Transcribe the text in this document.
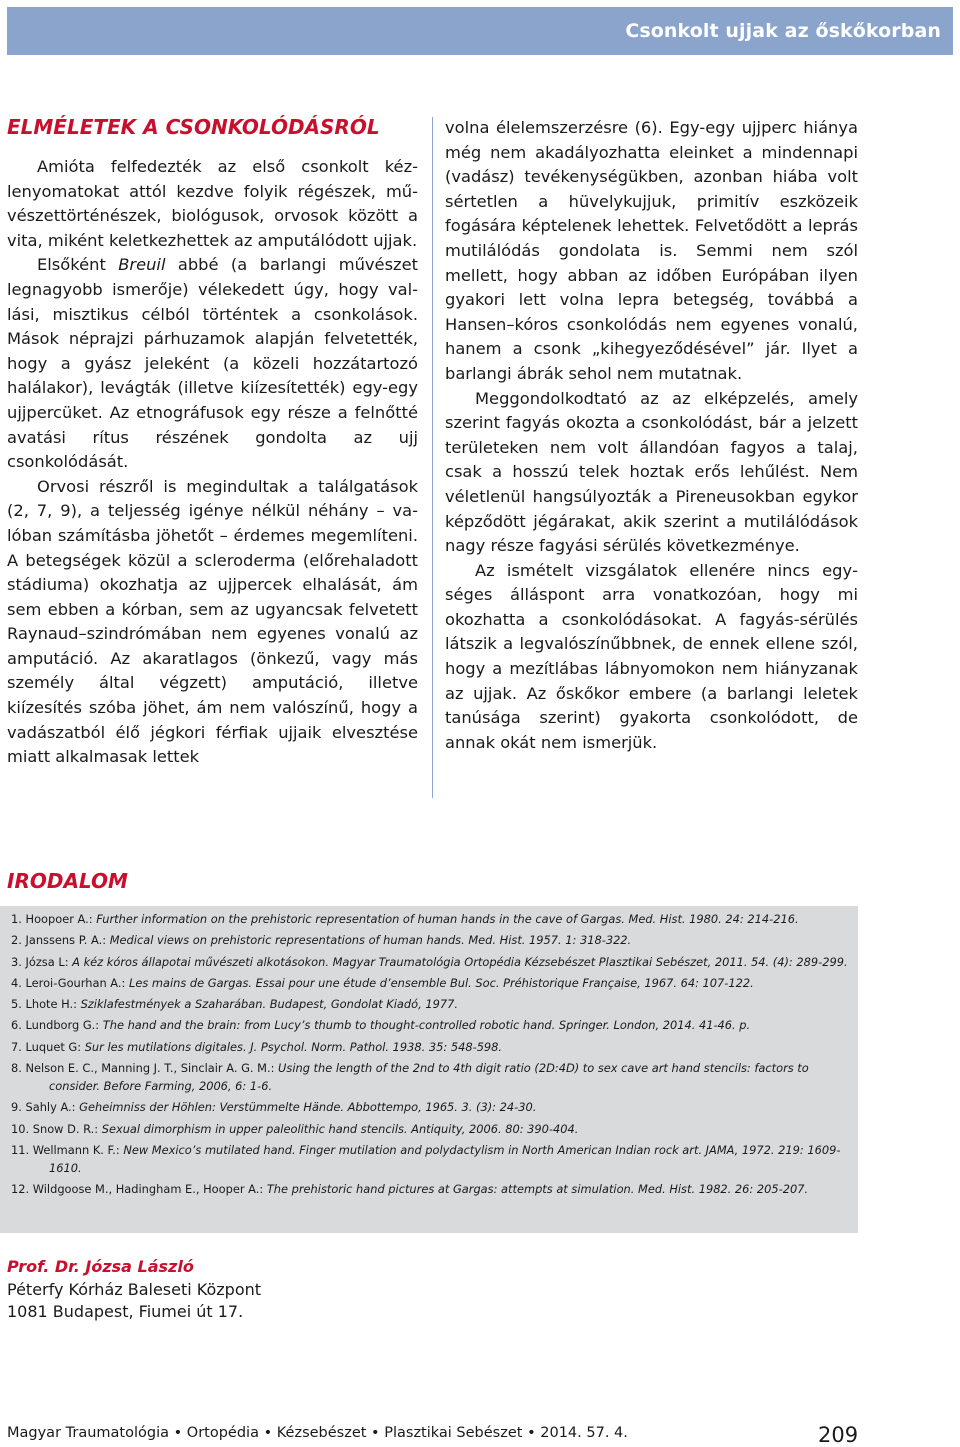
Csonkolt ujjak az őskőkorban
ELMÉLETEK A CSONKOLÓDÁSRÓL

Amióta felfedezték az első csonkolt kézlenyomatokat attól kezdve folyik régészek, művészettörténészek, biológusok, orvosok között a vita, miként keletkezhettek az amputálódott ujjak.

Elsőként Breuil abbé (a barlangi művészet legnagyobb ismerője) vélekedett úgy, hogy vallási, misztikus célból történtek a csonkolások. Mások néprajzi párhuzamok alapján felvetették, hogy a gyász jeleként (a közeli hozzátartozó halálakor), levágták (illetve kiízesítették) egy-egy ujjpercüket. Az etnográfusok egy része a felnőtté avatási rítus részének gondolta az ujj csonkolódását.

Orvosi részről is megindultak a találgatások (2, 7, 9), a teljesség igénye nélkül néhány – valóban számításba jöhetőt – érdemes megemlíteni. A betegségek közül a scleroderma (előrehaladott stádiuma) okozhatja az ujjpercek elhalását, ám sem ebben a kórban, sem az ugyancsak felvetett Raynaud–szindrómában nem egyenes vonalú az amputáció. Az akaratlagos (önkezű, vagy más személy által végzett) amputáció, illetve kiízesítés szóba jöhet, ám nem valószínű, hogy a vadászatból élő jégkori férfiak ujjaik elvesztése miatt alkalmasak lettek

volna élelemszerzésre (6). Egy-egy ujjperc hiánya még nem akadályozhatta eleinket a mindennapi (vadász) tevékenységükben, azonban hiába volt sértetlen a hüvelykujjuk, primitív eszközeik fogására képtelenek lehettek. Felvetődött a leprás mutilálódás gondolata is. Semmi nem szól mellett, hogy abban az időben Európában ilyen gyakori lett volna lepra betegség, továbbá a Hansen–kóros csonkolódás nem egyenes vonalú, hanem a csonk „kihegyeződésével” jár. Ilyet a barlangi ábrák sehol nem mutatnak.

Meggondolkodtató az az elképzelés, amely szerint fagyás okozta a csonkolódást, bár a jelzett területeken nem volt állandóan fagyos a talaj, csak a hosszú telek hoztak erős lehűlést. Nem véletlenül hangsúlyozták a Pireneusokban egykor képződött jégárakat, akik szerint a mutilálódások nagy része fagyási sérülés következménye.

Az ismételt vizsgálatok ellenére nincs egységes álláspont arra vonatkozóan, hogy mi okozhatta a csonkolódásokat. A fagyás-sérülés látszik a legvalószínűbbnek, de ennek ellene szól, hogy a mezítlábas lábnyomokon nem hiányzanak az ujjak. Az őskőkor embere (a barlangi leletek tanúsága szerint) gyakorta csonkolódott, de annak okát nem ismerjük.

IRODALOM
1. Hoopoer A.: Further information on the prehistoric representation of human hands in the cave of Gargas. Med. Hist. 1980. 24: 214-216.
2. Janssens P. A.: Medical views on prehistoric representations of human hands. Med. Hist. 1957. 1: 318-322.
3. Józsa L: A kéz kóros állapotai művészeti alkotásokon. Magyar Traumatológia Ortopédia Kézsebészet Plasztikai Sebészet, 2011. 54. (4): 289-299.
4. Leroi-Gourhan A.: Les mains de Gargas. Essai pour une étude d’ensemble Bul. Soc. Préhistorique Française, 1967. 64: 107-122.
5. Lhote H.: Sziklafestmények a Szaharában. Budapest, Gondolat Kiadó, 1977.
6. Lundborg G.: The hand and the brain: from Lucy’s thumb to thought-controlled robotic hand. Springer. London, 2014. 41-46. p.
7. Luquet G: Sur les mutilations digitales. J. Psychol. Norm. Pathol. 1938. 35: 548-598.
8. Nelson E. C., Manning J. T., Sinclair A. G. M.: Using the length of the 2nd to 4th digit ratio (2D:4D) to sex cave art hand stencils: factors to consider. Before Farming, 2006, 6: 1-6.
9. Sahly A.: Geheimniss der Höhlen: Verstümmelte Hände. Abbottempo, 1965. 3. (3): 24-30.
10. Snow D. R.: Sexual dimorphism in upper paleolithic hand stencils. Antiquity, 2006. 80: 390-404.
11. Wellmann K. F.: New Mexico’s mutilated hand. Finger mutilation and polydactylism in North American Indian rock art. JAMA, 1972. 219: 1609-1610.
12. Wildgoose M., Hadingham E., Hooper A.: The prehistoric hand pictures at Gargas: attempts at simulation. Med. Hist. 1982. 26: 205-207.
Prof. Dr. Józsa László
Péterfy Kórház Baleseti Központ
1081 Budapest, Fiumei út 17.
Magyar Traumatológia • Ortopédia • Kézsebészet • Plasztikai Sebészet • 2014. 57. 4.	209
